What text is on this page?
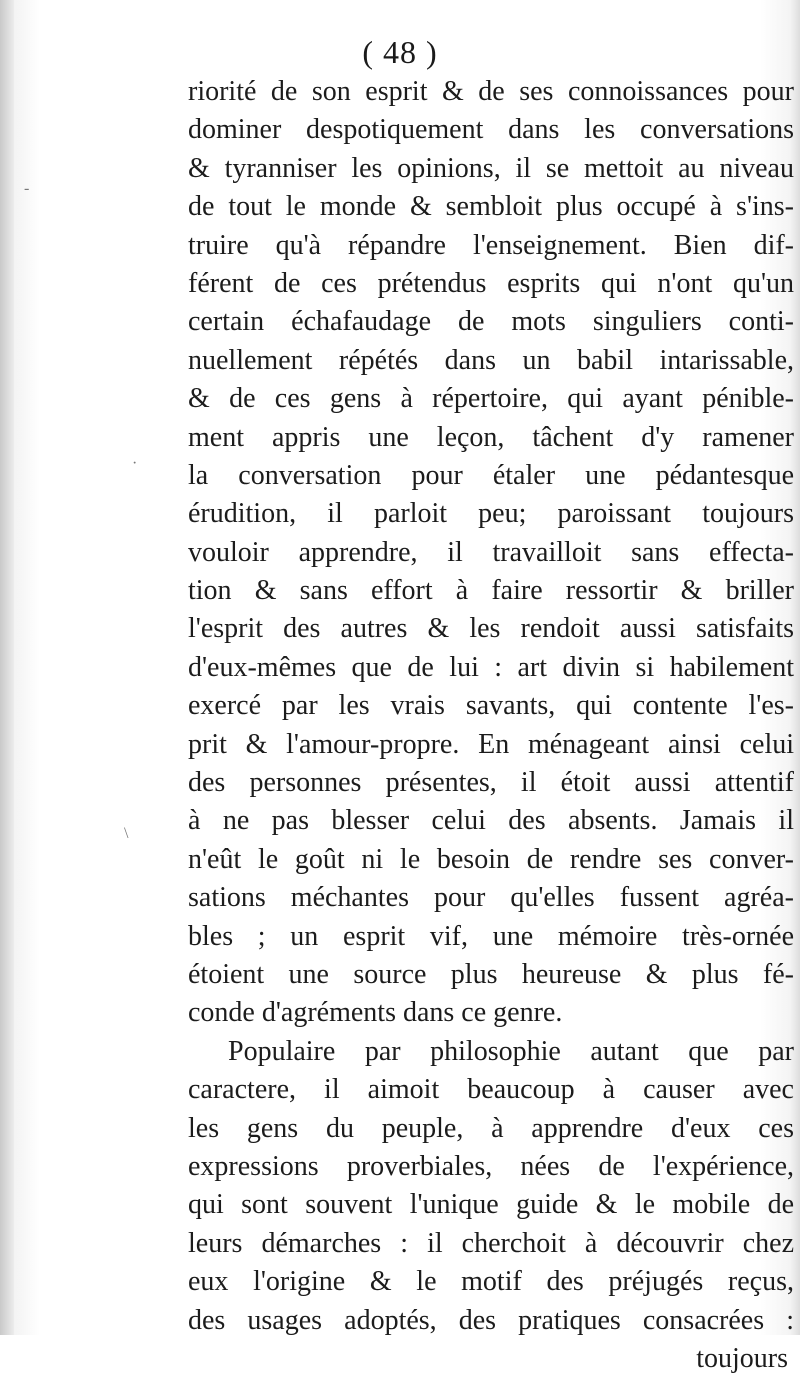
-
·
\
( 48 )
riorité de son esprit & de ses connoissances pour
dominer despotiquement dans les conversations
& tyranniser les opinions, il se mettoit au niveau
de tout le monde & sembloit plus occupé à s'ins-
truire qu'à répandre l'enseignement. Bien dif-
férent de ces prétendus esprits qui n'ont qu'un
certain échafaudage de mots singuliers conti-
nuellement répétés dans un babil intarissable,
& de ces gens à répertoire, qui ayant pénible-
ment appris une leçon, tâchent d'y ramener
la conversation pour étaler une pédantesque
érudition, il parloit peu; paroissant toujours
vouloir apprendre, il travailloit sans effecta-
tion & sans effort à faire ressortir & briller
l'esprit des autres & les rendoit aussi satisfaits
d'eux-mêmes que de lui : art divin si habilement
exercé par les vrais savants, qui contente l'es-
prit & l'amour-propre. En ménageant ainsi celui
des personnes présentes, il étoit aussi attentif
à ne pas blesser celui des absents. Jamais il
n'eût le goût ni le besoin de rendre ses conver-
sations méchantes pour qu'elles fussent agréa-
bles ; un esprit vif, une mémoire très-ornée
étoient une source plus heureuse & plus fé-
conde d'agréments dans ce genre.
Populaire par philosophie autant que par
caractere, il aimoit beaucoup à causer avec
les gens du peuple, à apprendre d'eux ces
expressions proverbiales, nées de l'expérience,
qui sont souvent l'unique guide & le mobile de
leurs démarches : il cherchoit à découvrir chez
eux l'origine & le motif des préjugés reçus,
des usages adoptés, des pratiques consacrées :
toujours
